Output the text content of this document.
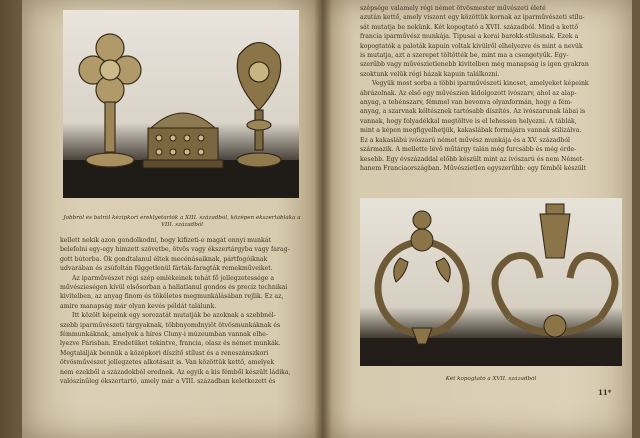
Jobbról és balról kézipkori ereklyetartók a XIII. századból, középen ékszertábláka a VIII. századból

kellett nekik azon gondolkodni, hogy kifizeti-e magát ennyi munkát

belefolni egy-egy himzett szövetbe, ötvös vagy ékszertárgyba vagy farag-

gott bútorba. Ők gondtalanul éltek mecénásaiknak, pártfogóiknak

udvarában és zsúfoltán függetlenül fárták-faragták remekműveiket.

Az iparművészet régi szép emlékeinek tehát fő jellegzetessége a

művészieségen kívül elsősorban a hallatlanul gondos és precíz technikai

kivitelben, az anyag finom és tökéletes megmunkálásában rejlik. Ez az,

amire manapság már olyan kevés példát találunk.

Itt közölt képeink egy sorozatát mutatják be azoknak a szebbnél-

szebb iparművészeti tárgyaknak, többnyomdnyiöt ötvösmunkáknak és

fémmunkáknak, amelyek a híres Cluny-i múzeumban vannak elhe-

lyezve Párisban. Eredetüket tekintve, francia, olasz és német munkák.

Megtalálják bennük a középkori díszítő stílust és a reneszánszkori

ötvösművészet jellegzetes alkotásait is. Van közöttük kettő, amelyek

nem ezekből a századokból erednek. Az egyik a kis fémből készült ládika,

valószínűleg ékszertartó, amely már a VIII. században keletkezett és

szépsége valamely régi német ötvösmester művészeti életé

azután kettő, amely viszont egy közöttük kornak az iparművészeti stílu-

sát mutatja be nekünk. Két kopogtató a XVII. századból. Mind a kettő

francia iparművész munkája. Tipusai a korai barokk-stílusnak. Ezek a

kopogtatók a paloták kapuin voltak kívülről elhelyezve és mint a nevük

is mutatja, azt a szerepet töltötték be, mint ma a csengetyűk. Egy-

szerűbb vagy művészietlenebb kivitelben még manapság is igen gyakran

szoktunk velük régi házak kapuin találkozni.

Vegyük most sorba a többi iparművészeti kincset, amelyeket képeink

ábrázolnak. Az első egy művészien kidolgozott ivószarv, ahol az alap-

anyag, a tehénszarv, fémmel van bevonva olyanformán, hogy a fém-

anyag, a szarvnak kéltésznek tartósabb díszítés. Az ivószarunak lábai is

vannak, hogy folyadékkal megtöltve is el lehessen helyezni. A táblák,

mint a képen megfigyelhetjük, kakaslábak formájára vannak stilizálva.

Ez a kakaslábú ivószarú német művész munkája és a XV. századból

származik. A mellette lévő műtárgy talán még furcsább és még érde-

kesebb. Egy évszázaddal előbb készült mint az ivószarú és nem Német-

hanem Franciaországban. Művészietlen egyszerűbb: egy fémből készült

Két kopogtató a XVII. századból
11*
